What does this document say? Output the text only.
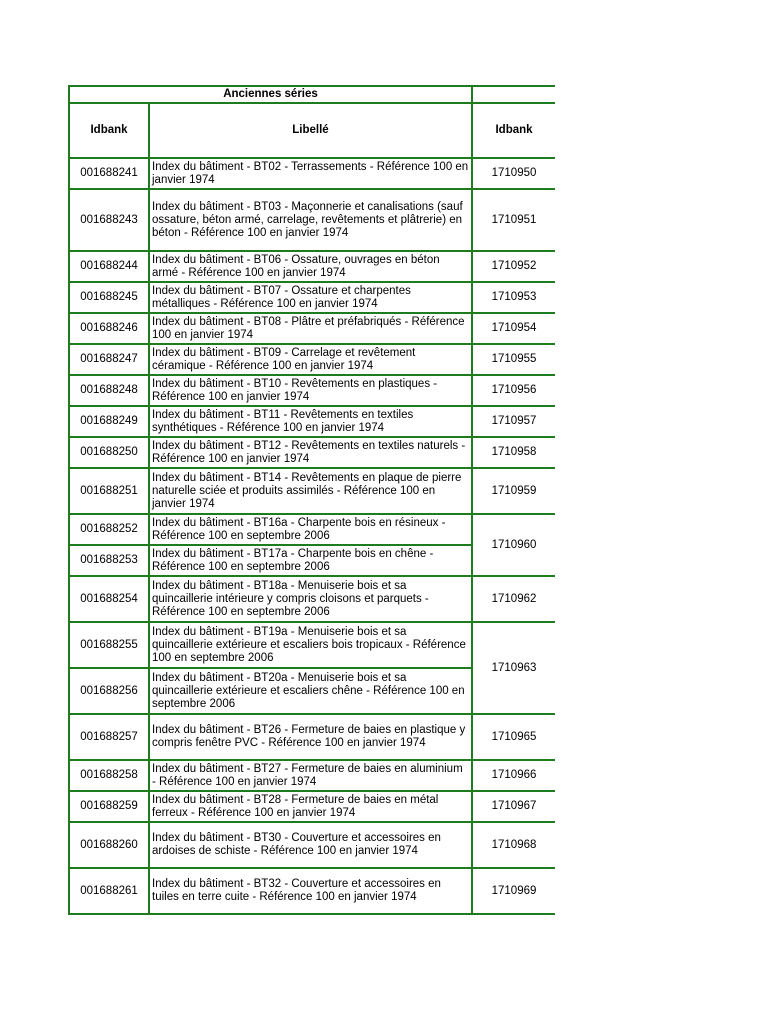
Anciennes séries		
Idbank	Libellé	Idbank
001688241	Index du bâtiment - BT02 - Terrassements - Référence 100 en janvier 1974	1710950
001688243	Index du bâtiment - BT03 - Maçonnerie et canalisations (sauf ossature, béton armé, carrelage, revêtements et plâtrerie) en béton - Référence 100 en janvier 1974	1710951
001688244	Index du bâtiment - BT06 - Ossature, ouvrages en béton armé - Référence 100 en janvier 1974	1710952
001688245	Index du bâtiment - BT07 - Ossature et charpentes métalliques - Référence 100 en janvier 1974	1710953
001688246	Index du bâtiment - BT08 - Plâtre et préfabriqués - Référence 100 en janvier 1974	1710954
001688247	Index du bâtiment - BT09 - Carrelage et revêtement céramique - Référence 100 en janvier 1974	1710955
001688248	Index du bâtiment - BT10 - Revêtements en plastiques - Référence 100 en janvier 1974	1710956
001688249	Index du bâtiment - BT11 - Revêtements en textiles synthétiques - Référence 100 en janvier 1974	1710957
001688250	Index du bâtiment - BT12 - Revêtements en textiles naturels - Référence 100 en janvier 1974	1710958
001688251	Index du bâtiment - BT14 - Revêtements en plaque de pierre naturelle sciée et produits assimilés - Référence 100 en janvier 1974	1710959
001688252	Index du bâtiment - BT16a - Charpente bois en résineux - Référence 100 en septembre 2006	1710960
001688253	Index du bâtiment - BT17a - Charpente bois en chêne - Référence 100 en septembre 2006	
001688254	Index du bâtiment - BT18a - Menuiserie bois et sa quincaillerie intérieure y compris cloisons et parquets - Référence 100 en septembre 2006	1710962
001688255	Index du bâtiment - BT19a - Menuiserie bois et sa quincaillerie extérieure et escaliers bois tropicaux - Référence 100 en septembre 2006	1710963
001688256	Index du bâtiment - BT20a - Menuiserie bois et sa quincaillerie extérieure et escaliers chêne - Référence 100 en septembre 2006	
001688257	Index du bâtiment - BT26 - Fermeture de baies en plastique y compris fenêtre PVC - Référence 100 en janvier 1974	1710965
001688258	Index du bâtiment - BT27 - Fermeture de baies en aluminium - Référence 100 en janvier 1974	1710966
001688259	Index du bâtiment - BT28 - Fermeture de baies en métal ferreux - Référence 100 en janvier 1974	1710967
001688260	Index du bâtiment - BT30 - Couverture et accessoires en ardoises de schiste - Référence 100 en janvier 1974	1710968
001688261	Index du bâtiment - BT32 - Couverture et accessoires en tuiles en terre cuite - Référence 100 en janvier 1974	1710969
